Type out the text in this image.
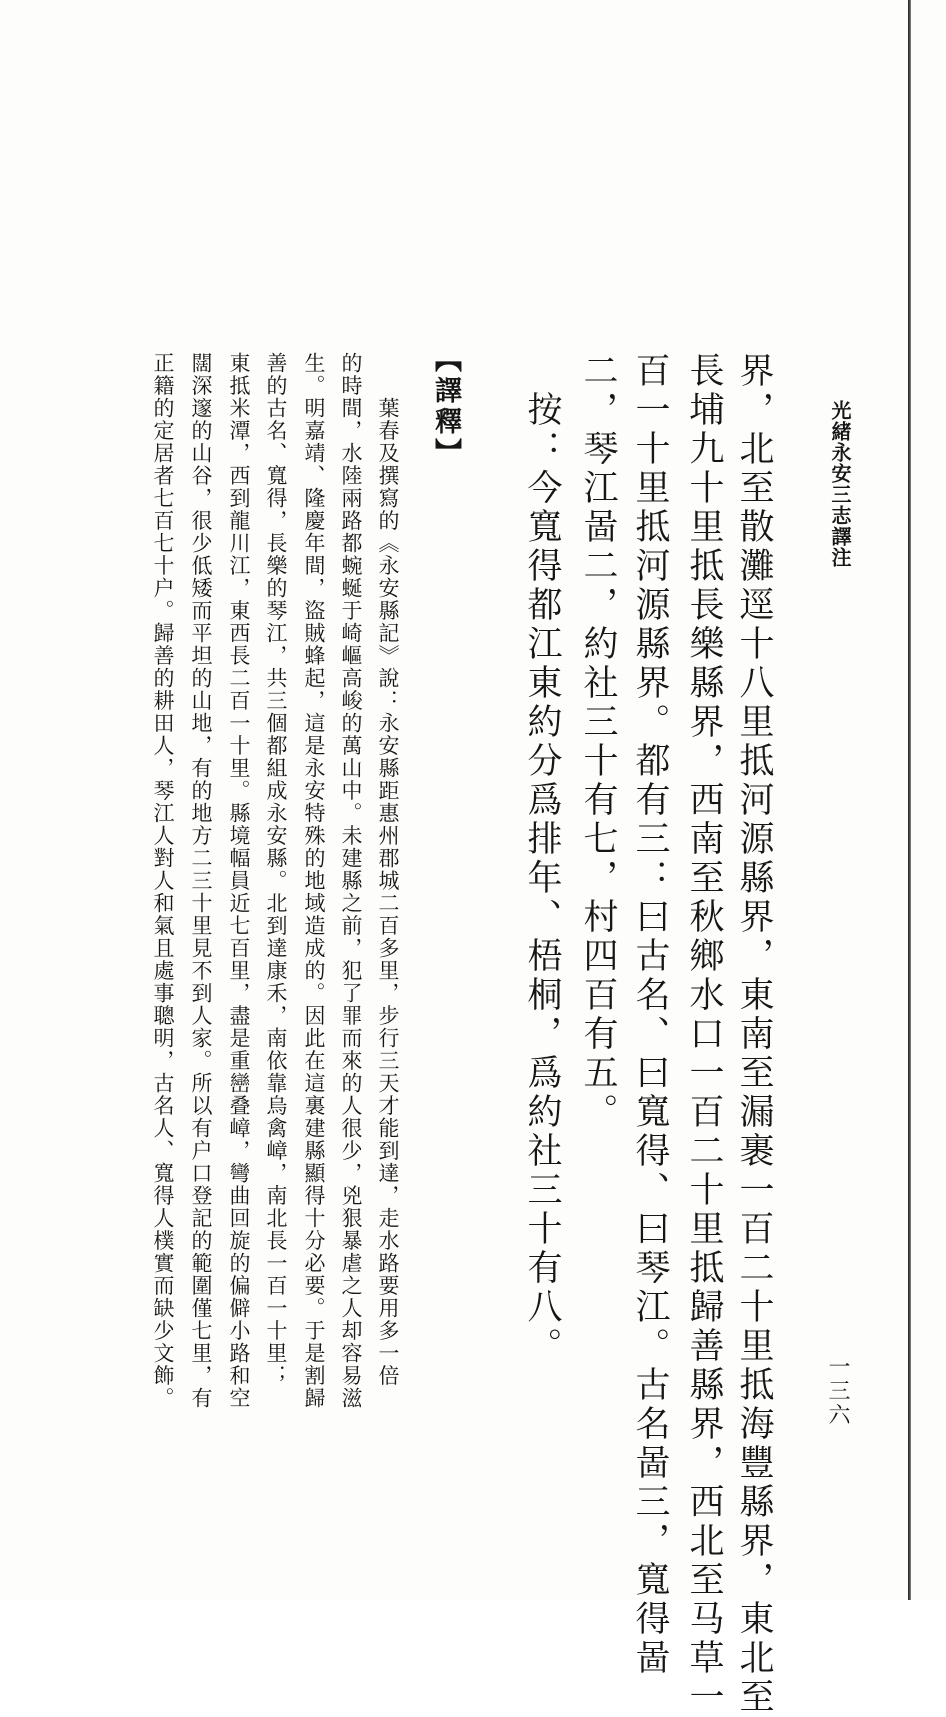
光緒永安三志譯注
一三六
界，北至散灘逕十八里抵河源縣界，東南至漏裹一百二十里抵海豐縣界，東北至
長埔九十里抵長樂縣界，西南至秋鄉水口一百二十里抵歸善縣界，西北至马草一
百一十里抵河源縣界。都有三：曰古名、曰寬得、曰琴江。古名啚三，寬得啚
二，琴江啚二，約社三十有七，村四百有五。
　按：今寬得都江東約分爲排年、梧桐，爲約社三十有八。
【譯釋】
　　葉春及撰寫的《永安縣記》說：永安縣距惠州郡城二百多里，步行三天才能到達，走水路要用多一倍
的時間，水陸兩路都蜿蜒于崎嶇高峻的萬山中。未建縣之前，犯了罪而來的人很少，兇狠暴虐之人却容易滋
生。明嘉靖、隆慶年間，盜賊蜂起，這是永安特殊的地域造成的。因此在這裏建縣顯得十分必要。于是割歸
善的古名、寬得，長樂的琴江，共三個都組成永安縣。北到達康禾，南依靠烏禽嶂，南北長一百一十里；
東抵米潭，西到龍川江，東西長二百一十里。縣境幅員近七百里，盡是重巒叠嶂，彎曲回旋的偏僻小路和空
闊深邃的山谷，很少低矮而平坦的山地，有的地方二三十里見不到人家。所以有户口登記的範圍僅七里，有
正籍的定居者七百七十户。歸善的耕田人，琴江人對人和氣且處事聰明，古名人、寬得人樸實而缺少文飾。
